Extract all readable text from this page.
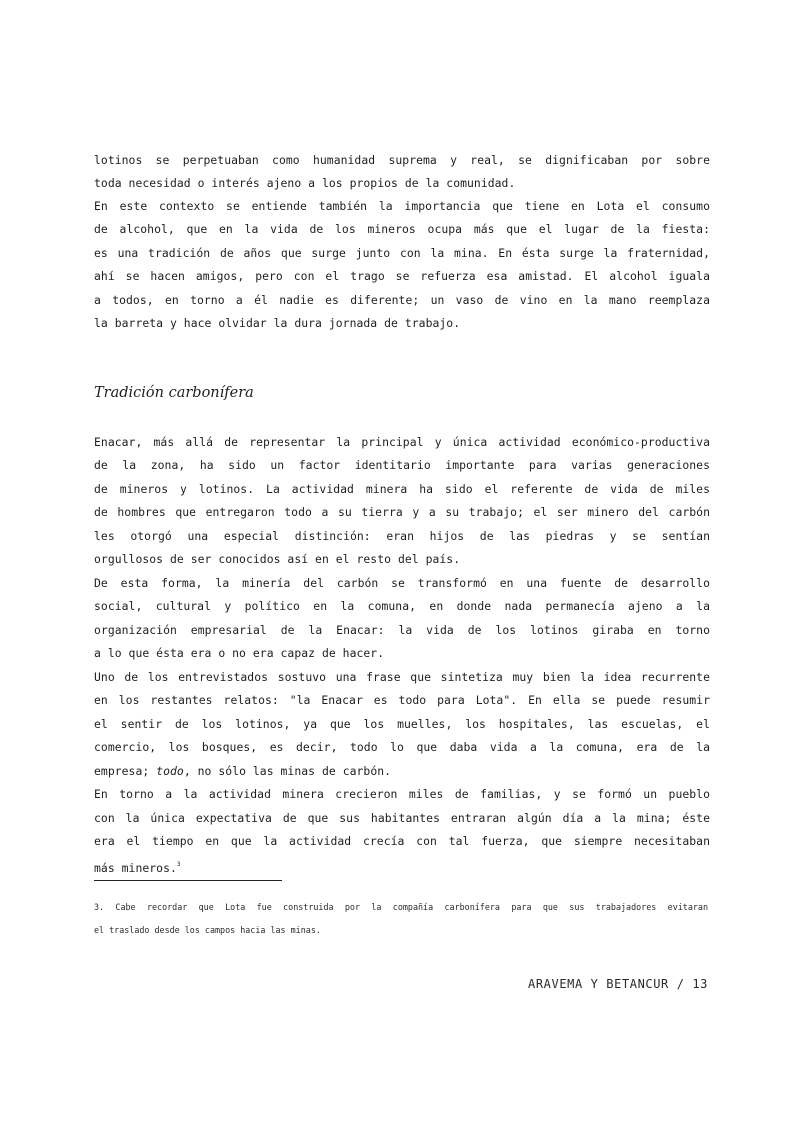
lotinos se perpetuaban como humanidad suprema y real, se dignificaban por sobre
toda necesidad o interés ajeno a los propios de la comunidad.
En este contexto se entiende también la importancia que tiene en Lota el consumo
de alcohol, que en la vida de los mineros ocupa más que el lugar de la fiesta:
es una tradición de años que surge junto con la mina. En ésta surge la fraternidad,
ahí se hacen amigos, pero con el trago se refuerza esa amistad. El alcohol iguala
a todos, en torno a él nadie es diferente; un vaso de vino en la mano reemplaza
la barreta y hace olvidar la dura jornada de trabajo.
Tradición carbonífera
Enacar, más allá de representar la principal y única actividad económico-productiva
de la zona, ha sido un factor identitario importante para varias generaciones
de mineros y lotinos. La actividad minera ha sido el referente de vida de miles
de hombres que entregaron todo a su tierra y a su trabajo; el ser minero del carbón
les otorgó una especial distinción: eran hijos de las piedras y se sentían
orgullosos de ser conocidos así en el resto del país.
De esta forma, la minería del carbón se transformó en una fuente de desarrollo
social, cultural y político en la comuna, en donde nada permanecía ajeno a la
organización empresarial de la Enacar: la vida de los lotinos giraba en torno
a lo que ésta era o no era capaz de hacer.
Uno de los entrevistados sostuvo una frase que sintetiza muy bien la idea recurrente
en los restantes relatos: "la Enacar es todo para Lota". En ella se puede resumir
el sentir de los lotinos, ya que los muelles, los hospitales, las escuelas, el
comercio, los bosques, es decir, todo lo que daba vida a la comuna, era de la
empresa; todo, no sólo las minas de carbón.
En torno a la actividad minera crecieron miles de familias, y se formó un pueblo
con la única expectativa de que sus habitantes entraran algún día a la mina; éste
era el tiempo en que la actividad crecía con tal fuerza, que siempre necesitaban
más mineros.$^3$
3. Cabe recordar que Lota fue construida por la compañía carbonífera para que sus trabajadores evitaran
el traslado desde los campos hacia las minas.
ARAVEMA Y BETANCUR / 13
